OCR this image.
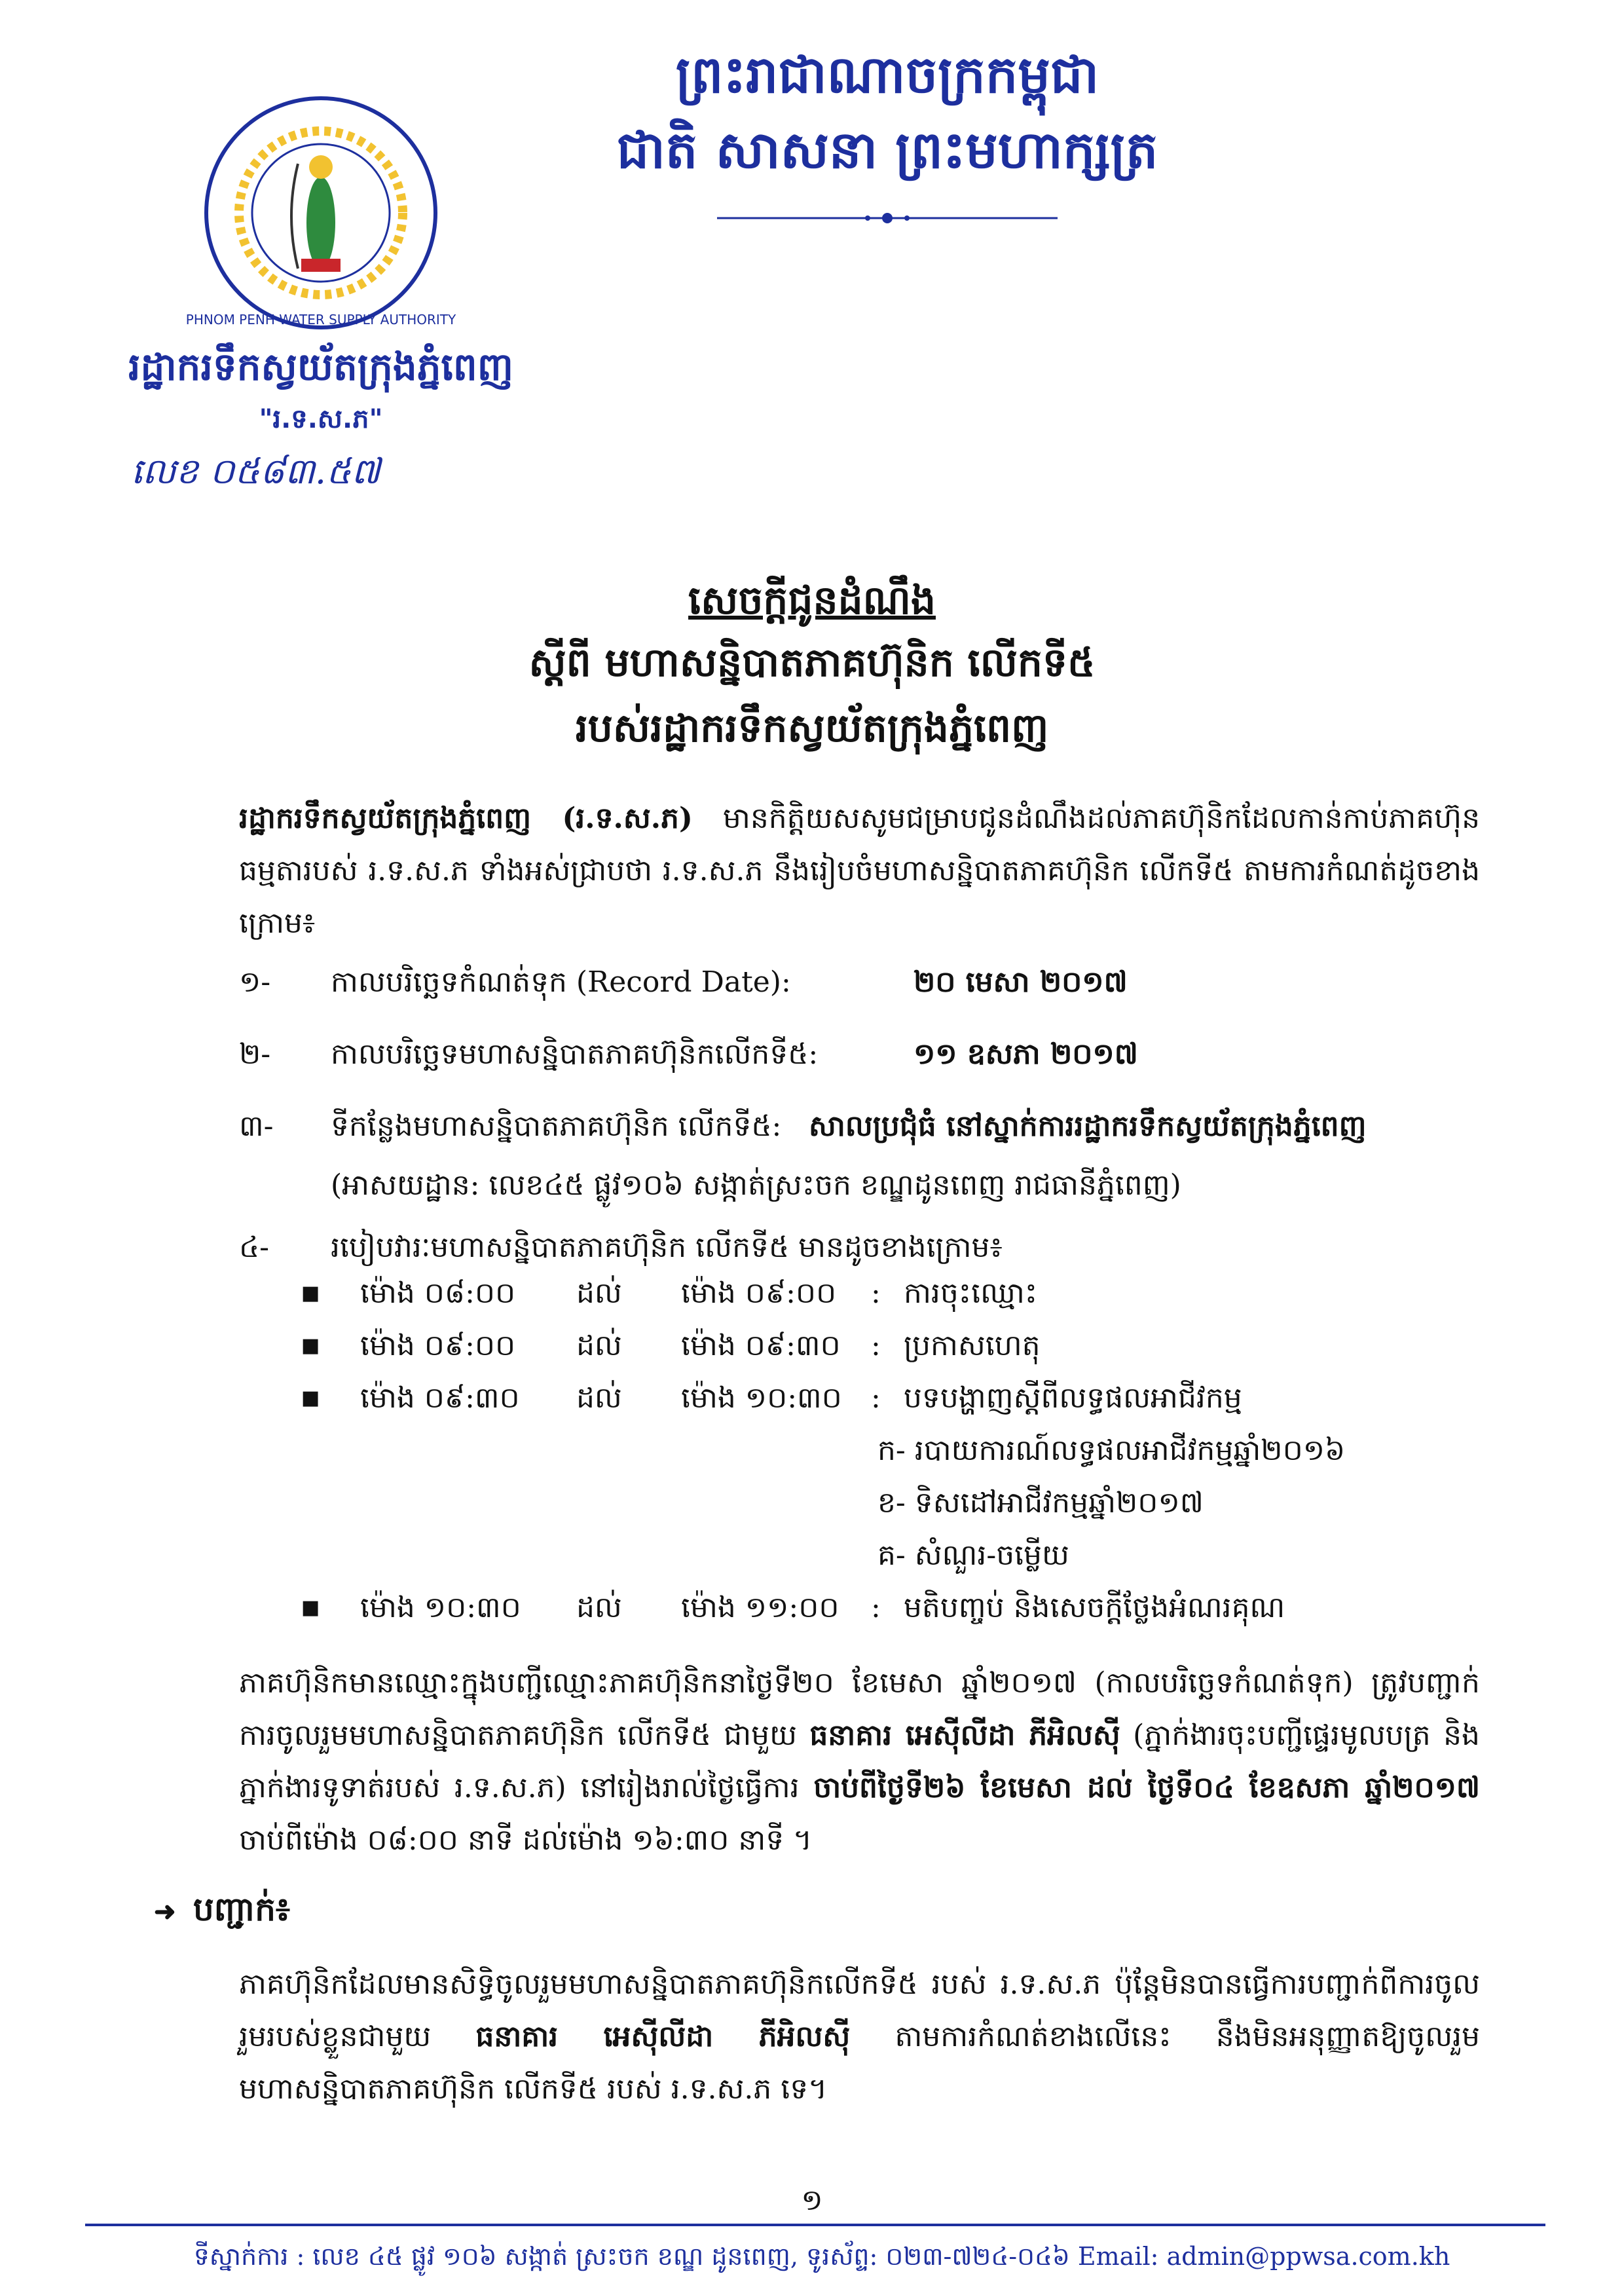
ព្រះរាជាណាចក្រកម្ពុជា
ជាតិ សាសនា ព្រះមហាក្សត្រ
PHNOM PENH WATER SUPPLY AUTHORITY
រដ្ឋាករទឹកស្វយ័តក្រុងភ្នំពេញ
"រ.ទ.ស.ភ"
លេខ ០៥៨៣.៥៧
សេចក្តីជូនដំណឹង
ស្តីពី មហាសន្និបាតភាគហ៊ុនិក លើកទី៥
របស់រដ្ឋាករទឹកស្វយ័តក្រុងភ្នំពេញ
រដ្ឋាករទឹកស្វយ័តក្រុងភ្នំពេញ (រ.ទ.ស.ភ) មានកិត្តិយសសូមជម្រាបជូនដំណឹងដល់ភាគហ៊ុនិកដែលកាន់កាប់ភាគហ៊ុនធម្មតារបស់ រ.ទ.ស.ភ ទាំងអស់ជ្រាបថា រ.ទ.ស.ភ នឹងរៀបចំមហាសន្និបាតភាគហ៊ុនិក លើកទី៥ តាមការកំណត់ដូចខាងក្រោម៖
១-	កាលបរិច្ឆេទកំណត់ទុក (Record Date):	២០ មេសា ២០១៧
២-	កាលបរិច្ឆេទមហាសន្និបាតភាគហ៊ុនិកលើកទី៥:	១១ ឧសភា ២០១៧
៣-	ទីកន្លែងមហាសន្និបាតភាគហ៊ុនិក លើកទី៥: សាលប្រជុំធំ នៅស្នាក់ការរដ្ឋាករទឹកស្វយ័តក្រុងភ្នំពេញ
(អាសយដ្ឋាន: លេខ៤៥ ផ្លូវ១០៦ សង្កាត់ស្រះចក ខណ្ឌដូនពេញ រាជធានីភ្នំពេញ)
៤-	របៀបវារៈមហាសន្និបាតភាគហ៊ុនិក លើកទី៥ មានដូចខាងក្រោម៖
■ ម៉ោង ០៨:០០ ដល់ ម៉ោង ០៩:០០ : ការចុះឈ្មោះ
■ ម៉ោង ០៩:០០ ដល់ ម៉ោង ០៩:៣០ : ប្រកាសហេតុ
■ ម៉ោង ០៩:៣០ ដល់ ម៉ោង ១០:៣០ : បទបង្ហាញស្តីពីលទ្ធផលអាជីវកម្ម
ក- របាយការណ៍លទ្ធផលអាជីវកម្មឆ្នាំ២០១៦
ខ- ទិសដៅអាជីវកម្មឆ្នាំ២០១៧
គ- សំណួរ-ចម្លើយ
■ ម៉ោង ១០:៣០ ដល់ ម៉ោង ១១:០០ : មតិបញ្ចប់ និងសេចក្តីថ្លែងអំណរគុណ
ភាគហ៊ុនិកមានឈ្មោះក្នុងបញ្ជីឈ្មោះភាគហ៊ុនិកនាថ្ងៃទី២០ ខែមេសា ឆ្នាំ២០១៧ (កាលបរិច្ឆេទកំណត់ទុក) ត្រូវបញ្ជាក់ការចូលរួមមហាសន្និបាតភាគហ៊ុនិក លើកទី៥ ជាមួយ ធនាគារ អេស៊ីលីដា ភីអិលស៊ី (ភ្នាក់ងារចុះបញ្ជីផ្ទេរមូលបត្រ និងភ្នាក់ងារទូទាត់របស់ រ.ទ.ស.ភ) នៅរៀងរាល់ថ្ងៃធ្វើការ ចាប់ពីថ្ងៃទី២៦ ខែមេសា ដល់ ថ្ងៃទី០៤ ខែឧសភា ឆ្នាំ២០១៧ ចាប់ពីម៉ោង ០៨:០០ នាទី ដល់ម៉ោង ១៦:៣០ នាទី ។
➜ បញ្ជាក់៖
ភាគហ៊ុនិកដែលមានសិទ្ធិចូលរួមមហាសន្និបាតភាគហ៊ុនិកលើកទី៥ របស់ រ.ទ.ស.ភ ប៉ុន្តែមិនបានធ្វើការបញ្ជាក់ពីការចូលរួមរបស់ខ្លួនជាមួយ ធនាគារ អេស៊ីលីដា ភីអិលស៊ី តាមការកំណត់ខាងលើនេះ នឹងមិនអនុញ្ញាតឱ្យចូលរួមមហាសន្និបាតភាគហ៊ុនិក លើកទី៥ របស់ រ.ទ.ស.ភ ទេ។
១
ទីស្នាក់ការ : លេខ ៤៥ ផ្លូវ ១០៦ សង្កាត់ ស្រះចក ខណ្ឌ ដូនពេញ, ទូរស័ព្ទ: ០២៣-៧២៤-០៤៦ Email: admin@ppwsa.com.kh
